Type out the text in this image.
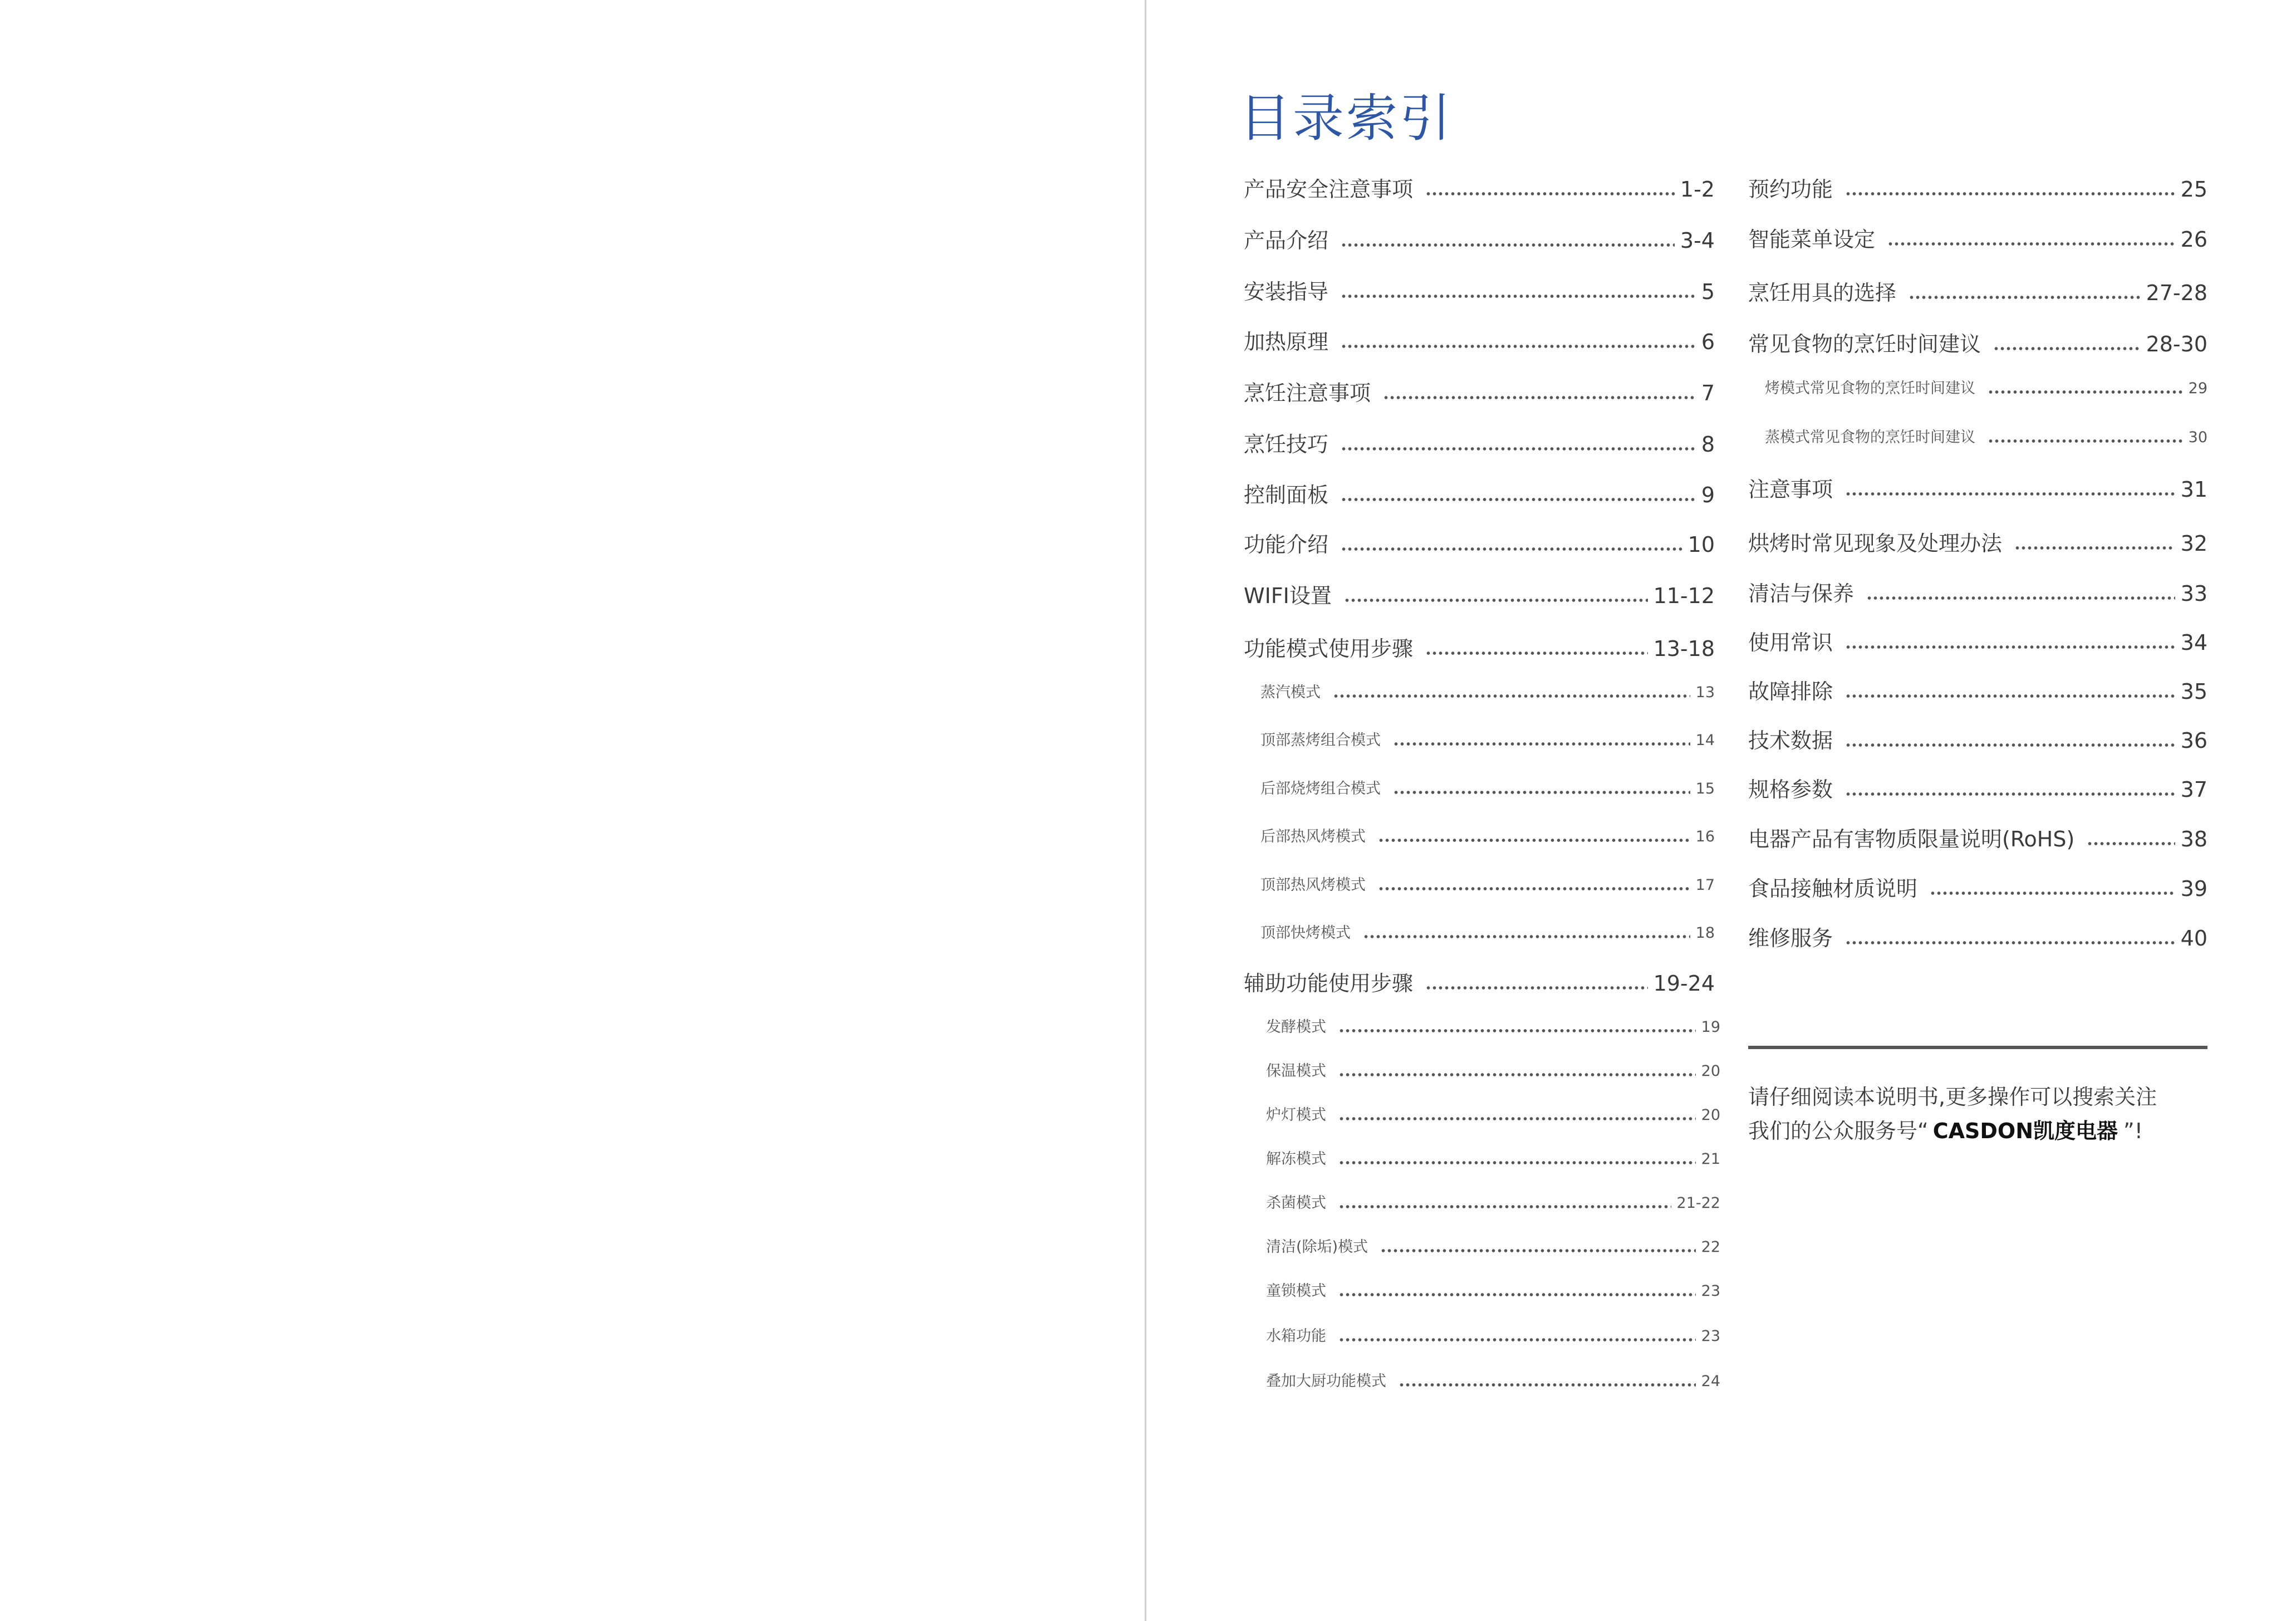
目录索引
产品安全注意事项	1-2
产品介绍	3-4
安装指导	5
加热原理	6
烹饪注意事项	7
烹饪技巧	8
控制面板	9
功能介绍	10
WIFI设置	11-12
功能模式使用步骤	13-18
蒸汽模式	13
顶部蒸烤组合模式	14
后部烧烤组合模式	15
后部热风烤模式	16
顶部热风烤模式	17
顶部快烤模式	18
辅助功能使用步骤	19-24
发酵模式	19
保温模式	20
炉灯模式	20
解冻模式	21
杀菌模式	21-22
清洁(除垢)模式	22
童锁模式	23
水箱功能	23
叠加大厨功能模式	24
预约功能	25
智能菜单设定	26
烹饪用具的选择	27-28
常见食物的烹饪时间建议	28-30
烤模式常见食物的烹饪时间建议	29
蒸模式常见食物的烹饪时间建议	30
注意事项	31
烘烤时常见现象及处理办法	32
清洁与保养	33
使用常识	34
故障排除	35
技术数据	36
规格参数	37
电器产品有害物质限量说明(RoHS)	38
食品接触材质说明	39
维修服务	40
请仔细阅读本说明书,更多操作可以搜索关注
我们的公众服务号“ CASDON凯度电器 ”!
